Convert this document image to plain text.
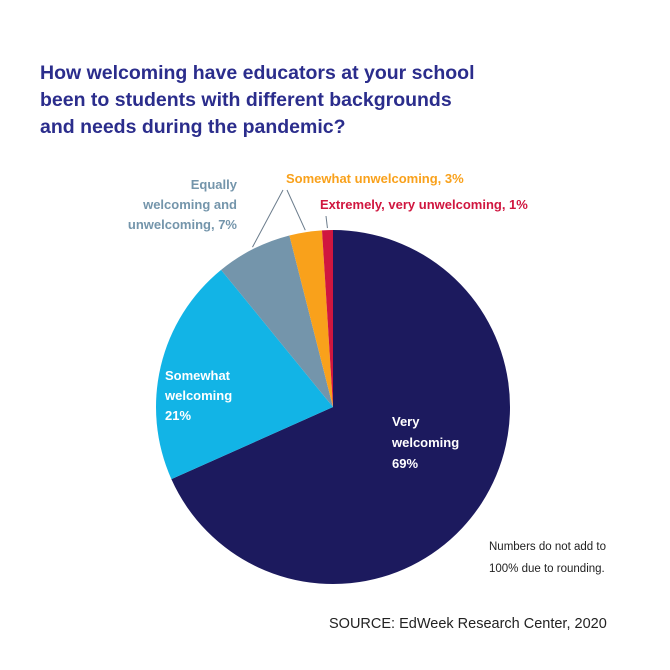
Very welcoming 69%
Somewhat welcoming 21%
Equally welcoming and unwelcoming, 7%
Somewhat unwelcoming, 3%
Extremely, very unwelcoming, 1%
How welcoming have educators at your school
been to students with different backgrounds
and needs during the pandemic?
Numbers do not add to
100% due to rounding.
SOURCE: EdWeek Research Center, 2020
